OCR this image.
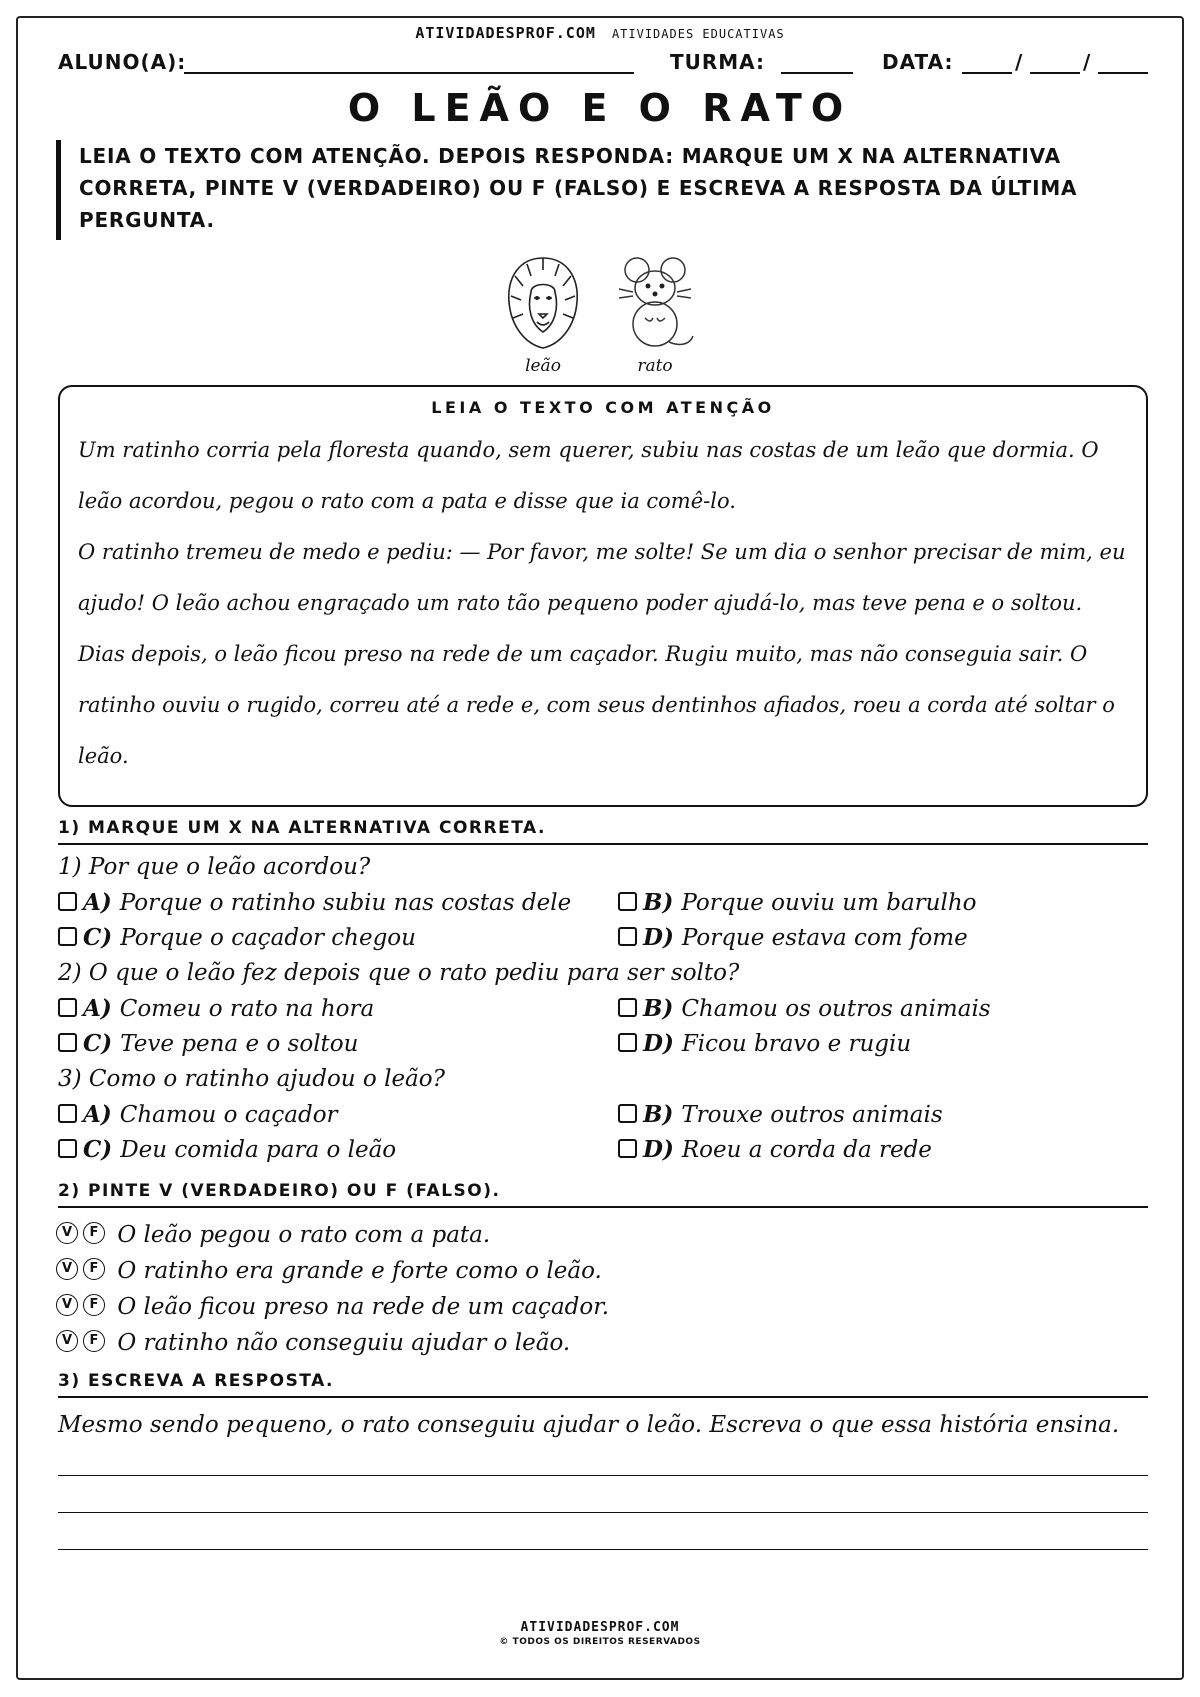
ATIVIDADESPROF.COM ATIVIDADES EDUCATIVAS
ALUNO(A):	TURMA:	DATA:	/	/
O LEÃO E O RATO
LEIA O TEXTO COM ATENÇÃO. DEPOIS RESPONDA: MARQUE UM X NA ALTERNATIVA CORRETA, PINTE V (VERDADEIRO) OU F (FALSO) E ESCREVA A RESPOSTA DA ÚLTIMA PERGUNTA.
leão	rato
LEIA O TEXTO COM ATENÇÃO

Um ratinho corria pela floresta quando, sem querer, subiu nas costas de um leão que dormia. O leão acordou, pegou o rato com a pata e disse que ia comê-lo.

O ratinho tremeu de medo e pediu: — Por favor, me solte! Se um dia o senhor precisar de mim, eu ajudo! O leão achou engraçado um rato tão pequeno poder ajudá-lo, mas teve pena e o soltou.

Dias depois, o leão ficou preso na rede de um caçador. Rugiu muito, mas não conseguia sair. O ratinho ouviu o rugido, correu até a rede e, com seus dentinhos afiados, roeu a corda até soltar o leão.

1) MARQUE UM X NA ALTERNATIVA CORRETA.
1) Por que o leão acordou?
A) Porque o ratinho subiu nas costas dele	B) Porque ouviu um barulho
C) Porque o caçador chegou	D) Porque estava com fome
2) O que o leão fez depois que o rato pediu para ser solto?
A) Comeu o rato na hora	B) Chamou os outros animais
C) Teve pena e o soltou	D) Ficou bravo e rugiu
3) Como o ratinho ajudou o leão?
A) Chamou o caçador	B) Trouxe outros animais
C) Deu comida para o leão	D) Roeu a corda da rede
2) PINTE V (VERDADEIRO) OU F (FALSO).
V F O leão pegou o rato com a pata.
V F O ratinho era grande e forte como o leão.
V F O leão ficou preso na rede de um caçador.
V F O ratinho não conseguiu ajudar o leão.
3) ESCREVA A RESPOSTA.
Mesmo sendo pequeno, o rato conseguiu ajudar o leão. Escreva o que essa história ensina.
ATIVIDADESPROF.COM
© TODOS OS DIREITOS RESERVADOS
